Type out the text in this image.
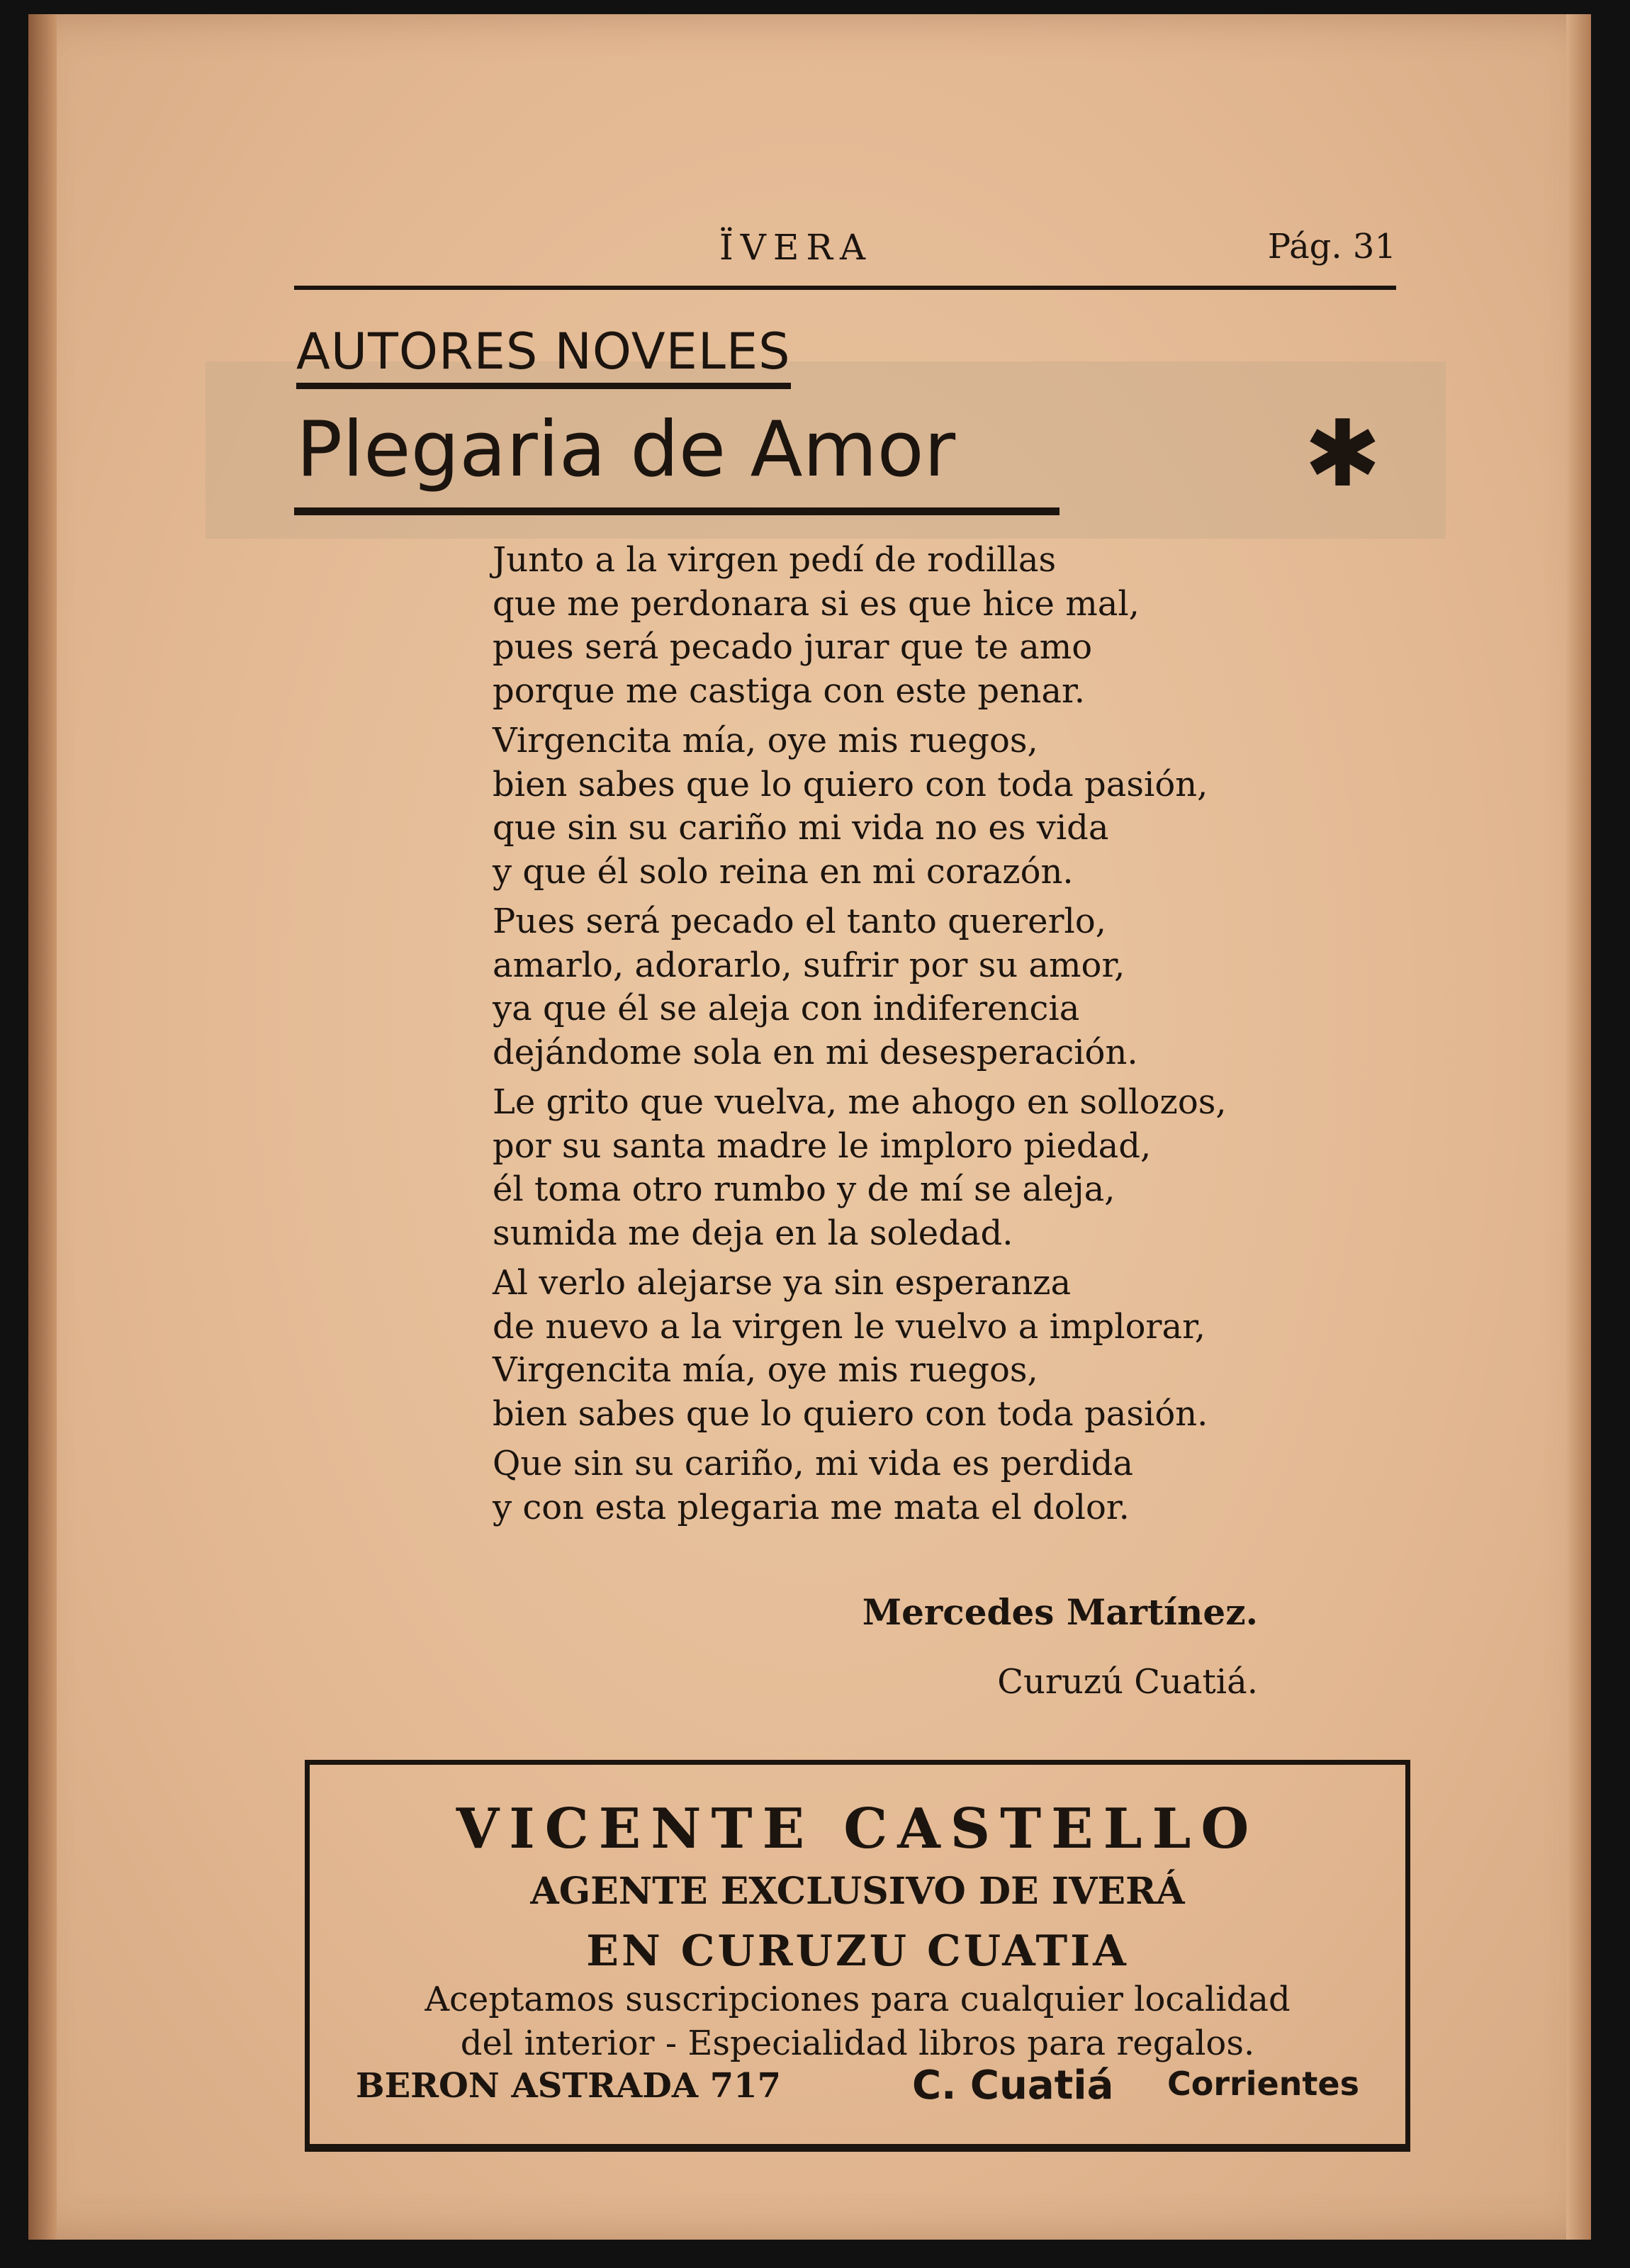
ÏVERA	Pág. 31
AUTORES NOVELES
Plegaria de Amor	✱
Junto a la virgen pedí de rodillas
que me perdonara si es que hice mal,
pues será pecado jurar que te amo
porque me castiga con este penar.
Virgencita mía, oye mis ruegos,
bien sabes que lo quiero con toda pasión,
que sin su cariño mi vida no es vida
y que él solo reina en mi corazón.
Pues será pecado el tanto quererlo,
amarlo, adorarlo, sufrir por su amor,
ya que él se aleja con indiferencia
dejándome sola en mi desesperación.
Le grito que vuelva, me ahogo en sollozos,
por su santa madre le imploro piedad,
él toma otro rumbo y de mí se aleja,
sumida me deja en la soledad.
Al verlo alejarse ya sin esperanza
de nuevo a la virgen le vuelvo a implorar,
Virgencita mía, oye mis ruegos,
bien sabes que lo quiero con toda pasión.
Que sin su cariño, mi vida es perdida
y con esta plegaria me mata el dolor.
Mercedes Martínez.
Curuzú Cuatiá.
VICENTE CASTELLO
AGENTE EXCLUSIVO DE IVERÁ
EN CURUZU CUATIA
Aceptamos suscripciones para cualquier localidad
del interior - Especialidad libros para regalos.
BERON ASTRADA 717	C. Cuatiá Corrientes
